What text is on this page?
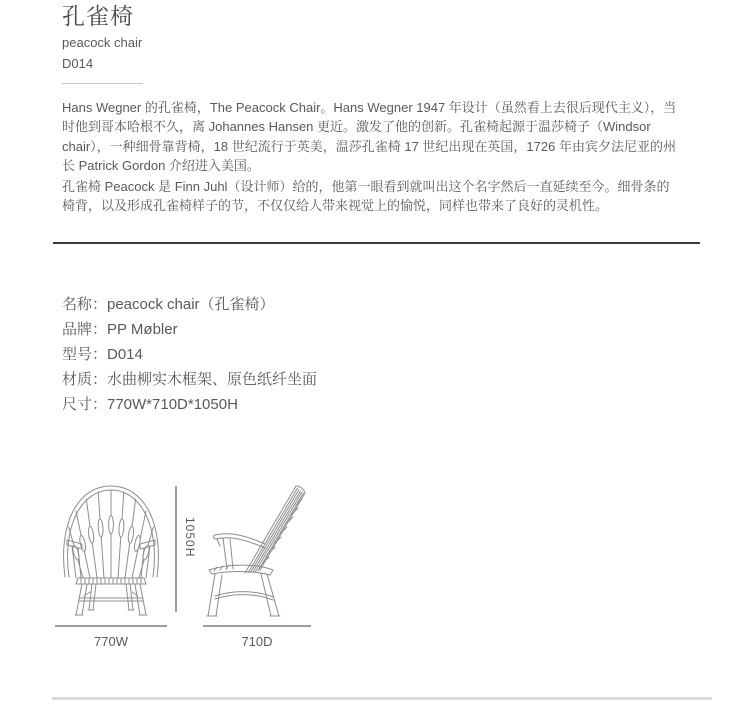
孔雀椅
peacock chair
D014

Hans Wegner 的孔雀椅，The Peacock Chair。Hans Wegner 1947 年设计（虽然看上去很后现代主义），当时他到哥本哈根不久，离 Johannes Hansen 更近。激发了他的创新。孔雀椅起源于温莎椅子（Windsor chair），一种细骨靠背椅，18 世纪流行于英美，温莎孔雀椅 17 世纪出现在英国，1726 年由宾夕法尼亚的州长 Patrick Gordon 介绍进入美国。

孔雀椅 Peacock 是 Finn Juhl（设计师）给的，他第一眼看到就叫出这个名字然后一直延续至今。细骨条的椅背，以及形成孔雀椅样子的节，不仅仅给人带来视觉上的愉悦，同样也带来了良好的灵机性。

名称：peacock chair（孔雀椅）
品牌：PP Møbler
型号：D014
材质：水曲柳实木框架、原色纸纤坐面
尺寸：770W*710D*1050H
770W
1050H
710D
